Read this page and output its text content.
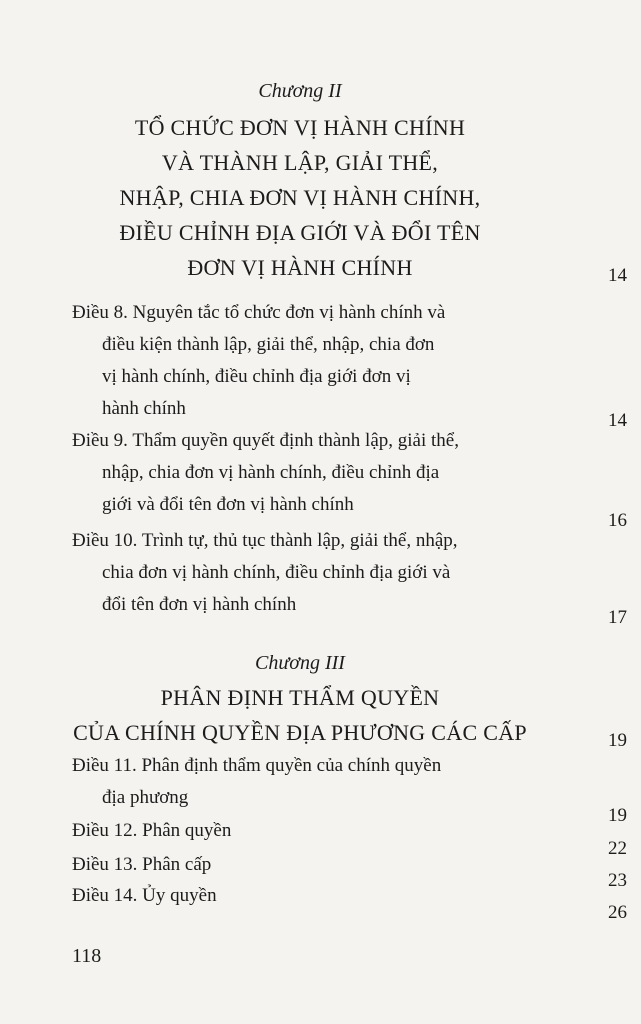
Chương II
TỔ CHỨC ĐƠN VỊ HÀNH CHÍNH
VÀ THÀNH LẬP, GIẢI THỂ,
NHẬP, CHIA ĐƠN VỊ HÀNH CHÍNH,
ĐIỀU CHỈNH ĐỊA GIỚI VÀ ĐỔI TÊN
ĐƠN VỊ HÀNH CHÍNH	14
Điều 8. Nguyên tắc tổ chức đơn vị hành chính và
điều kiện thành lập, giải thể, nhập, chia đơn
vị hành chính, điều chỉnh địa giới đơn vị
hành chính
14
Điều 9. Thẩm quyền quyết định thành lập, giải thể,
nhập, chia đơn vị hành chính, điều chỉnh địa
giới và đổi tên đơn vị hành chính
16
Điều 10. Trình tự, thủ tục thành lập, giải thể, nhập,
chia đơn vị hành chính, điều chỉnh địa giới và
đổi tên đơn vị hành chính
17
Chương III
PHÂN ĐỊNH THẨM QUYỀN
CỦA CHÍNH QUYỀN ĐỊA PHƯƠNG CÁC CẤP	19
Điều 11. Phân định thẩm quyền của chính quyền
địa phương
19
Điều 12. Phân quyền
22
Điều 13. Phân cấp
23
Điều 14. Ủy quyền
26
118
